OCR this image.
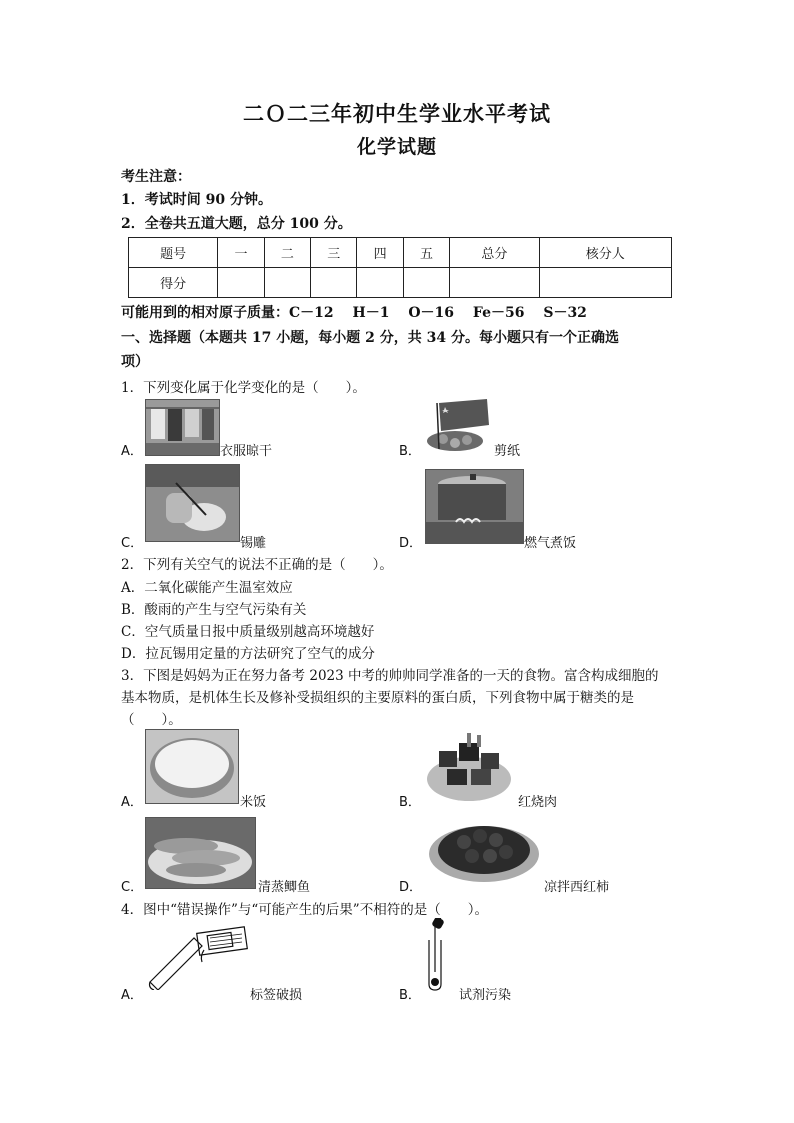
二Ｏ二三年初中生学业水平考试
化学试题
考生注意：
1．考试时间 90 分钟。
2．全卷共五道大题，总分 100 分。
题号	一	二	三	四	五	总分	核分人
得分							
可能用到的相对原子质量：C－12　 H－1　 O－16　 Fe－56　 S－32
一、选择题（本题共 17 小题，每小题 2 分，共 34 分。每小题只有一个正确选
项）
1．下列变化属于化学变化的是（　　）。
A．	衣服晾干	B．	剪纸
C．	锡雕	D．	燃气煮饭
2．下列有关空气的说法不正确的是（　　）。
A．二氧化碳能产生温室效应
B．酸雨的产生与空气污染有关
C．空气质量日报中质量级别越高环境越好
D．拉瓦锡用定量的方法研究了空气的成分
3．下图是妈妈为正在努力备考 2023 中考的帅帅同学准备的一天的食物。富含构成细胞的
基本物质，是机体生长及修补受损组织的主要原料的蛋白质，下列食物中属于糖类的是
（　　）。
A．	米饭	B．	红烧肉
C．	清蒸鲫鱼	D．	凉拌西红柿
4．图中“错误操作”与“可能产生的后果”不相符的是（　　）。
A．	标签破损	B．	试剂污染
